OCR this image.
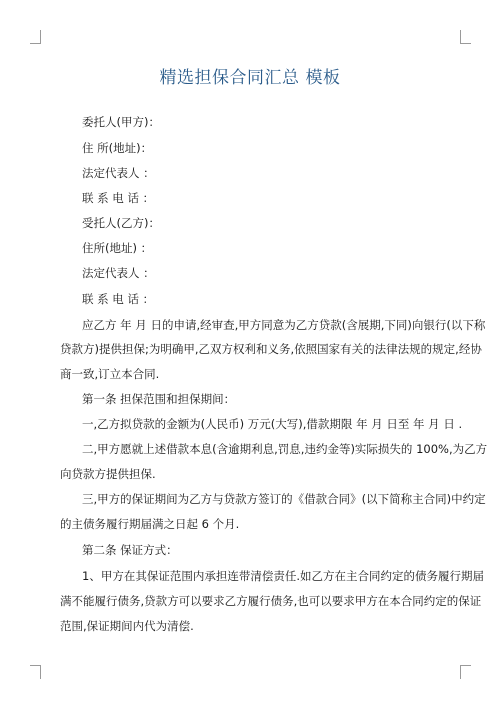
精选担保合同汇总 模板
委托人(甲方)：
住 所(地址)：
法定代表人 ：
联 系 电 话 ：
受托人(乙方)：
住所(地址) ：
法定代表人 ：
联 系 电 话 ：
应乙方 年 月 日的申请,经审查,甲方同意为乙方贷款(含展期,下同)向银行(以下称
贷款方)提供担保;为明确甲,乙双方权利和义务,依照国家有关的法律法规的规定,经协
商一致,订立本合同.
第一条 担保范围和担保期间：
一,乙方拟贷款的金额为(人民币) 万元(大写),借款期限 年 月 日至 年 月 日 .
二,甲方愿就上述借款本息(含逾期利息,罚息,违约金等)实际损失的 100%,为乙方
向贷款方提供担保.
三,甲方的保证期间为乙方与贷款方签订的《借款合同》(以下简称主合同)中约定
的主债务履行期届满之日起 6 个月.
第二条 保证方式：
1、甲方在其保证范围内承担连带清偿责任.如乙方在主合同约定的债务履行期届
满不能履行债务,贷款方可以要求乙方履行债务,也可以要求甲方在本合同约定的保证
范围,保证期间内代为清偿.
